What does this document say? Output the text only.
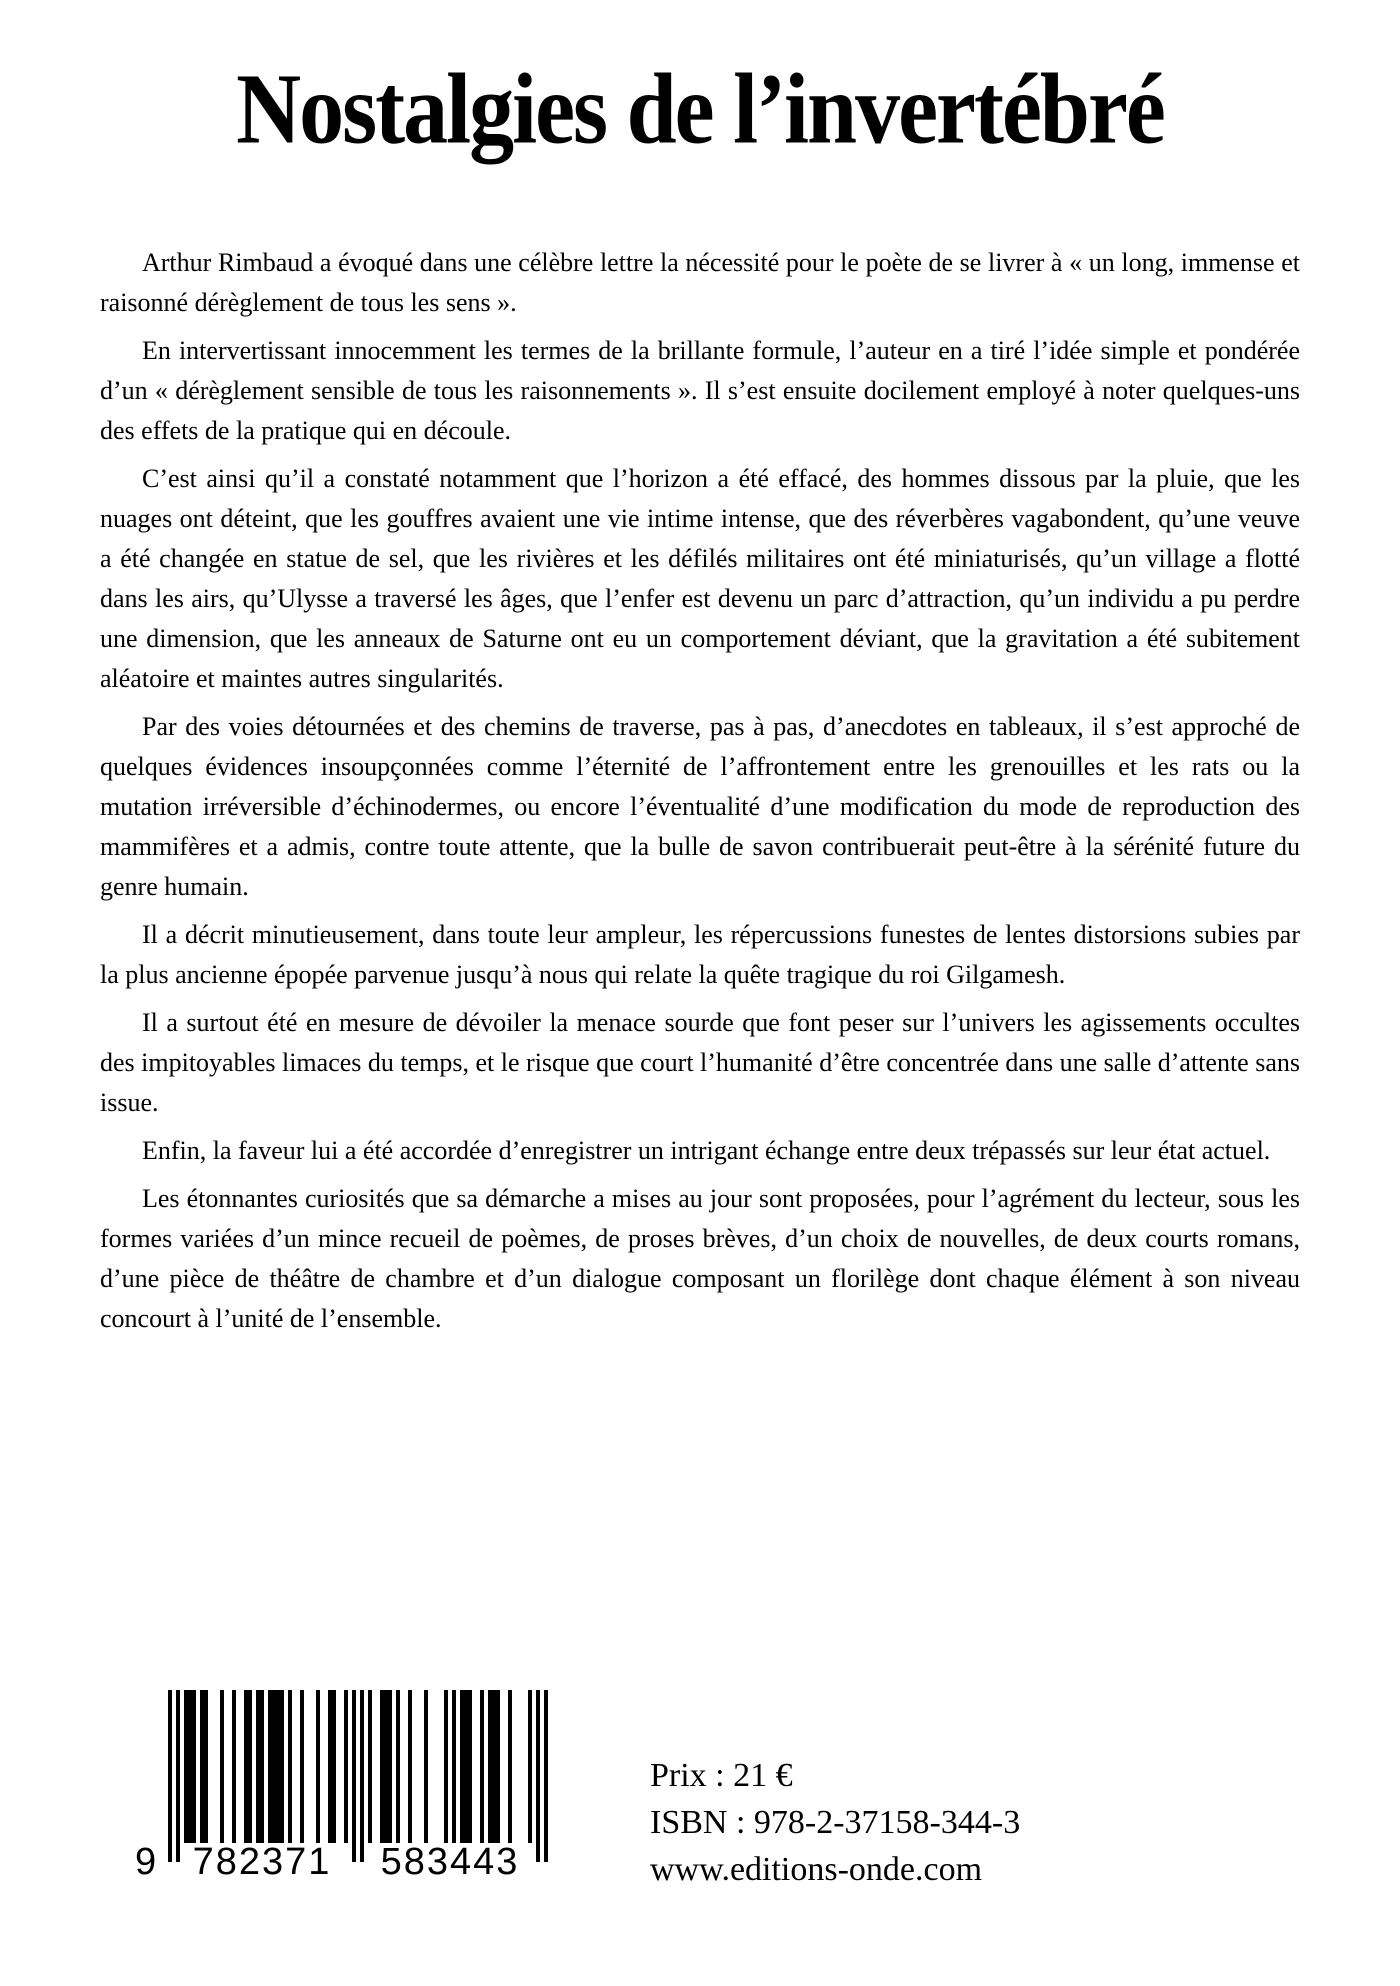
Nostalgies de l’invertébré

Arthur Rimbaud a évoqué dans une célèbre lettre la nécessité pour le poète de se livrer à « un long, immense et raisonné dérèglement de tous les sens ».

En intervertissant innocemment les termes de la brillante formule, l’auteur en a tiré l’idée simple et pondérée d’un « dérèglement sensible de tous les raisonnements ». Il s’est ensuite docilement employé à noter quelques-uns des effets de la pratique qui en découle.

C’est ainsi qu’il a constaté notamment que l’horizon a été effacé, des hommes dissous par la pluie, que les nuages ont déteint, que les gouffres avaient une vie intime intense, que des réverbères vagabondent, qu’une veuve a été changée en statue de sel, que les rivières et les défilés militaires ont été miniaturisés, qu’un village a flotté dans les airs, qu’Ulysse a traversé les âges, que l’enfer est devenu un parc d’attraction, qu’un individu a pu perdre une dimension, que les anneaux de Saturne ont eu un comportement déviant, que la gravitation a été subitement aléatoire et maintes autres singularités.

Par des voies détournées et des chemins de traverse, pas à pas, d’anecdotes en tableaux, il s’est approché de quelques évidences insoupçonnées comme l’éternité de l’affrontement entre les grenouilles et les rats ou la mutation irréversible d’échinodermes, ou encore l’éventualité d’une modification du mode de reproduction des mammifères et a admis, contre toute attente, que la bulle de savon contribuerait peut-être à la sérénité future du genre humain.

Il a décrit minutieusement, dans toute leur ampleur, les répercussions funestes de lentes distorsions subies par la plus ancienne épopée parvenue jusqu’à nous qui relate la quête tragique du roi Gilgamesh.

Il a surtout été en mesure de dévoiler la menace sourde que font peser sur l’univers les agissements occultes des impitoyables limaces du temps, et le risque que court l’humanité d’être concentrée dans une salle d’attente sans issue.

Enfin, la faveur lui a été accordée d’enregistrer un intrigant échange entre deux trépassés sur leur état actuel.

Les étonnantes curiosités que sa démarche a mises au jour sont proposées, pour l’agrément du lecteur, sous les formes variées d’un mince recueil de poèmes, de proses brèves, d’un choix de nouvelles, de deux courts romans, d’une pièce de théâtre de chambre et d’un dialogue composant un florilège dont chaque élément à son niveau concourt à l’unité de l’ensemble.

9 782371	583443
Prix : 21 €
ISBN : 978-2-37158-344-3
www.editions-onde.com
